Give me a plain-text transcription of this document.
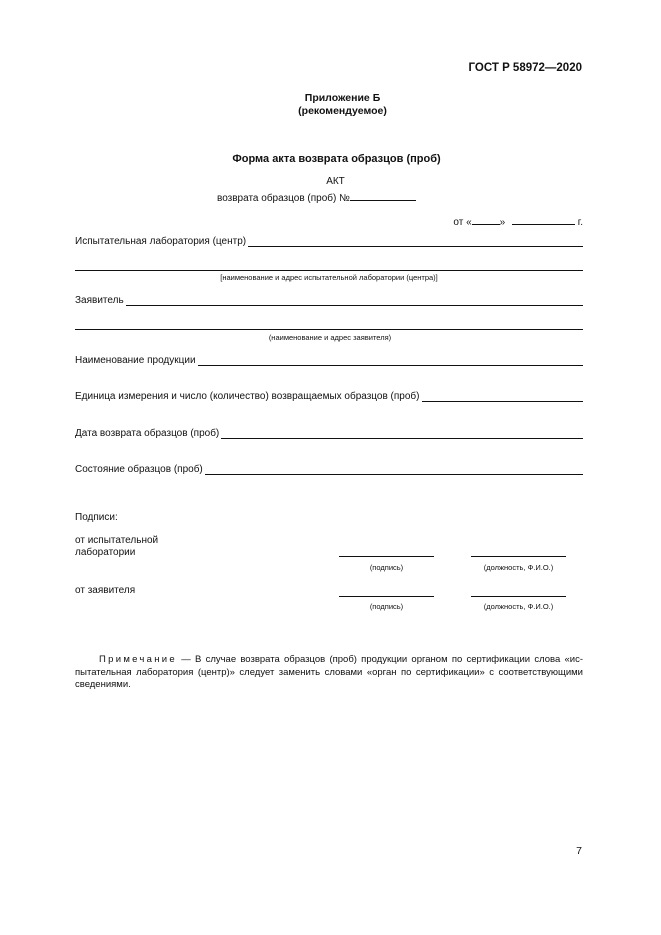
ГОСТ Р 58972—2020
Приложение Б
(рекомендуемое)
Форма акта возврата образцов (проб)
АКТ
возврата образцов (проб) №
от «	»	г.
Испытательная лаборатория (центр)
[наименование и адрес испытательной лаборатории (центра)]
Заявитель
(наименование и адрес заявителя)
Наименование продукции
Единица измерения и число (количество) возвращаемых образцов (проб)
Дата возврата образцов (проб)
Состояние образцов (проб)
Подписи:
от испытательной
лаборатории
(подпись)	(должность, Ф.И.О.)
от заявителя
(подпись)	(должность, Ф.И.О.)
Примечание — В случае возврата образцов (проб) продукции органом по сертификации слова «ис-пытательная лаборатория (центр)» следует заменить словами «орган по сертификации» с соответствующими сведениями.
7
